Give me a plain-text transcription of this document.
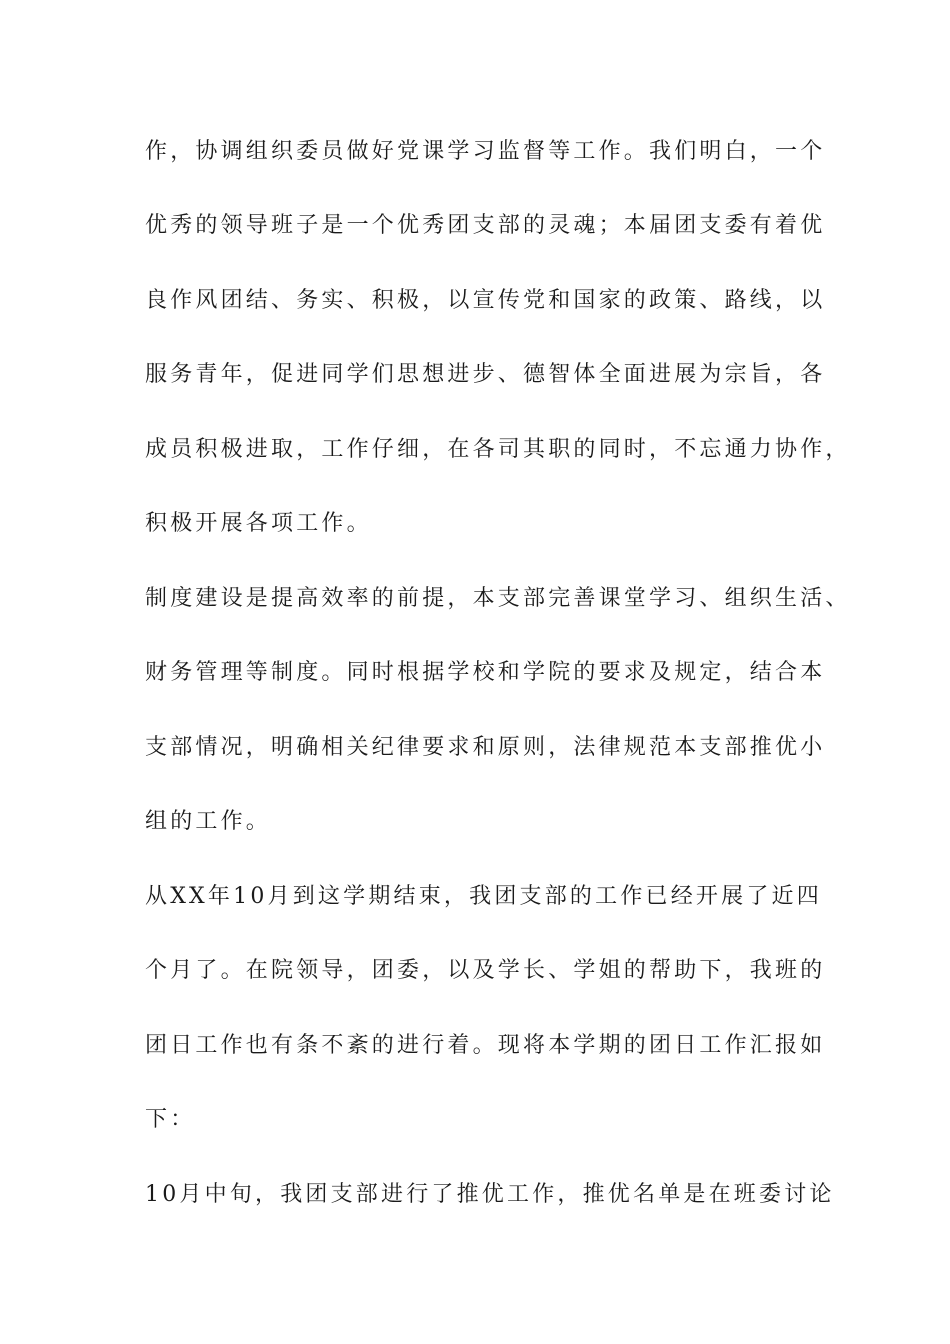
作，协调组织委员做好党课学习监督等工作。我们明白，一个
优秀的领导班子是一个优秀团支部的灵魂；本届团支委有着优
良作风团结、务实、积极，以宣传党和国家的政策、路线，以
服务青年，促进同学们思想进步、德智体全面进展为宗旨，各
成员积极进取，工作仔细，在各司其职的同时，不忘通力协作，
积极开展各项工作。
制度建设是提高效率的前提，本支部完善课堂学习、组织生活、
财务管理等制度。同时根据学校和学院的要求及规定，结合本
支部情况，明确相关纪律要求和原则，法律规范本支部推优小
组的工作。
从XX年10月到这学期结束，我团支部的工作已经开展了近四
个月了。在院领导，团委，以及学长、学姐的帮助下，我班的
团日工作也有条不紊的进行着。现将本学期的团日工作汇报如
下：
10月中旬，我团支部进行了推优工作，推优名单是在班委讨论
